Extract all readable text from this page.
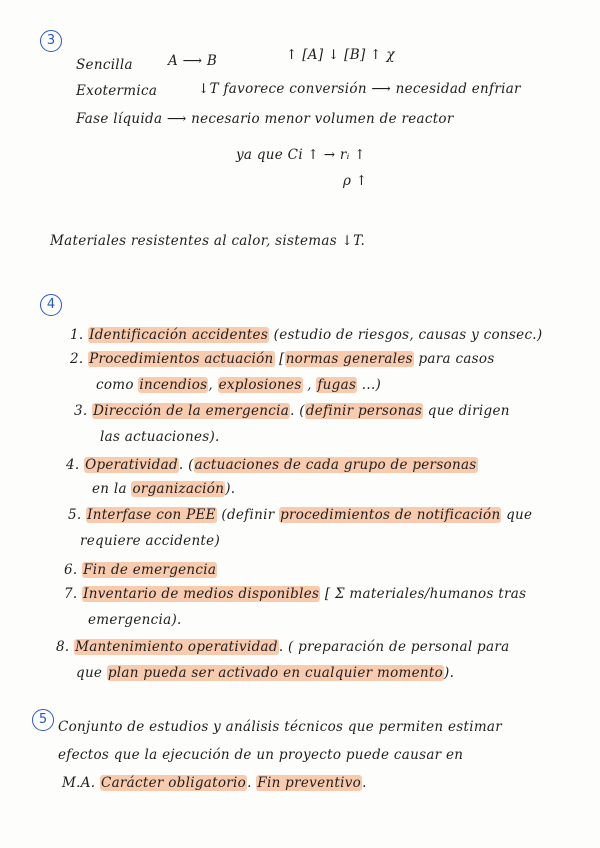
3
Sencilla	A ⟶ B	↑ [A] ↓ [B] ↑ χ
Exotermica	↓T favorece conversión ⟶ necesidad enfriar
Fase líquida ⟶ necesario menor volumen de reactor
ya que Ci ↑ → rᵢ ↑
ρ ↑
Materiales resistentes al calor, sistemas ↓T.
4
1. Identificación accidentes (estudio de riesgos, causas y consec.)
2. Procedimientos actuación [normas generales para casos
como incendios, explosiones , fugas ...)
3. Dirección de la emergencia. (definir personas que dirigen
las actuaciones).
4. Operatividad. (actuaciones de cada grupo de personas
en la organización).
5. Interfase con PEE (definir procedimientos de notificación que
requiere accidente)
6. Fin de emergencia
7. Inventario de medios disponibles [ Σ materiales/humanos tras
emergencia).
8. Mantenimiento operatividad. ( preparación de personal para
que plan pueda ser activado en cualquier momento).
5 Conjunto de estudios y análisis técnicos que permiten estimar
efectos que la ejecución de un proyecto puede causar en
M.A. Carácter obligatorio. Fin preventivo.
